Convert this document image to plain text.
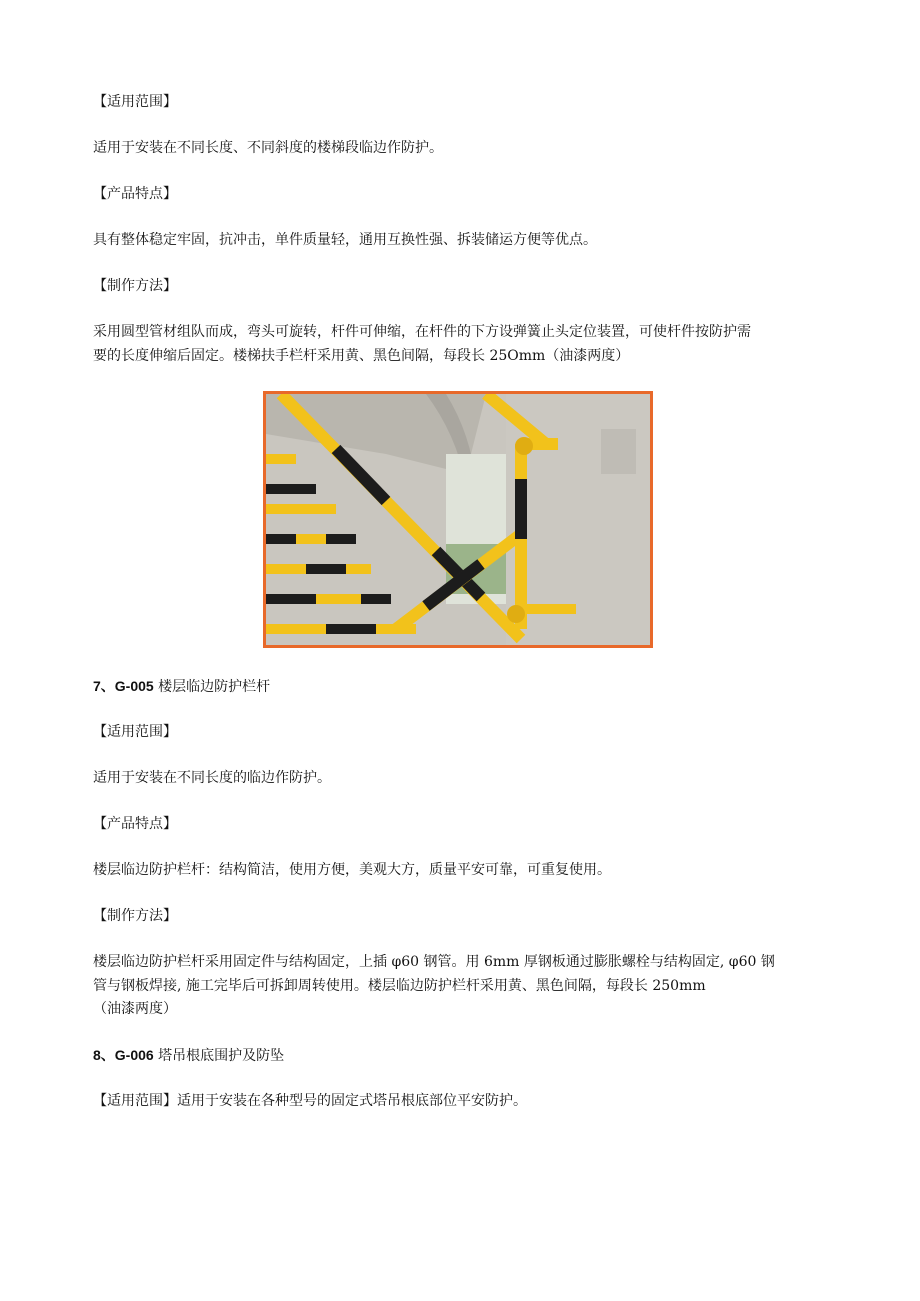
【适用范围】

适用于安装在不同长度、不同斜度的楼梯段临边作防护。

【产品特点】

具有整体稳定牢固，抗冲击，单件质量轻，通用互换性强、拆装储运方便等优点。

【制作方法】

采用圆型管材组队而成，弯头可旋转，杆件可伸缩，在杆件的下方设弹簧止头定位装置，可使杆件按防护需

要的长度伸缩后固定。楼梯扶手栏杆采用黄、黑色间隔，每段长 25Omm（油漆两度）

7、G-005 楼层临边防护栏杆

【适用范围】

适用于安装在不同长度的临边作防护。

【产品特点】

楼层临边防护栏杆：结构简洁，使用方便，美观大方，质量平安可靠，可重复使用。

【制作方法】

楼层临边防护栏杆采用固定件与结构固定，上插 φ60 钢管。用 6mm 厚钢板通过膨胀螺栓与结构固定, φ60 钢

管与钢板焊接, 施工完毕后可拆卸周转使用。楼层临边防护栏杆采用黄、黑色间隔，每段长 250mm

（油漆两度）

8、G-006 塔吊根底围护及防坠

【适用范围】适用于安装在各种型号的固定式塔吊根底部位平安防护。
